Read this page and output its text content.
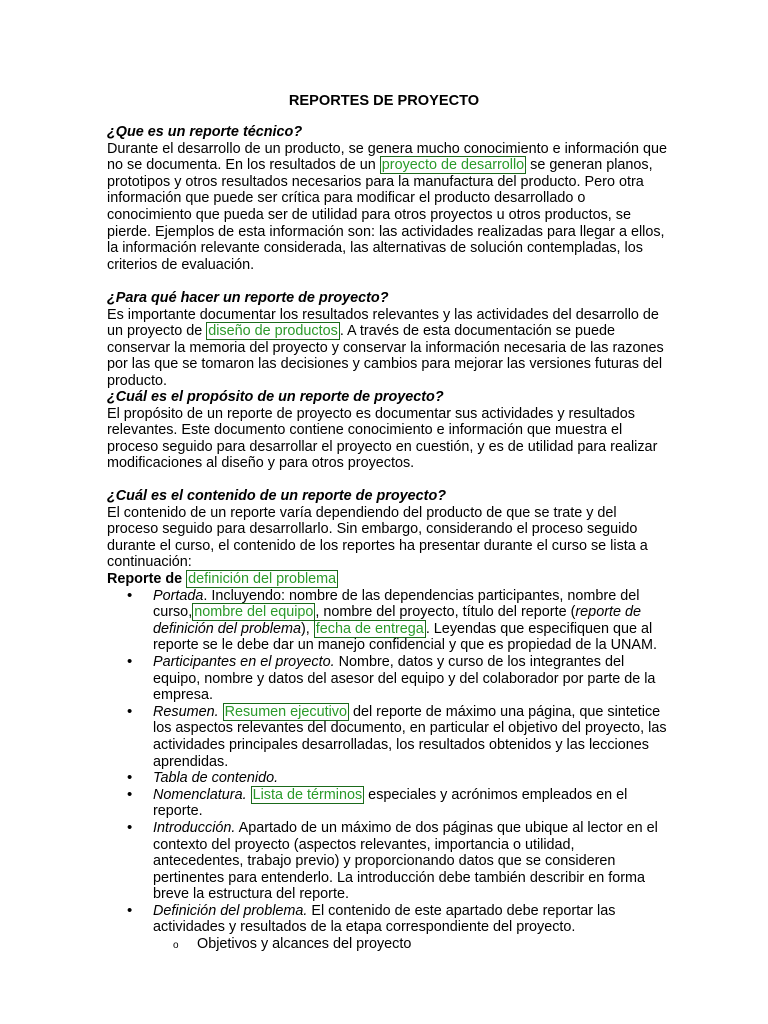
REPORTES DE PROYECTO
¿Que es un reporte técnico?

Durante el desarrollo de un producto, se genera mucho conocimiento e información que no se documenta. En los resultados de un proyecto de desarrollo se generan planos, prototipos y otros resultados necesarios para la manufactura del producto. Pero otra información que puede ser crítica para modificar el producto desarrollado o conocimiento que pueda ser de utilidad para otros proyectos u otros productos, se pierde. Ejemplos de esta información son: las actividades realizadas para llegar a ellos, la información relevante considerada, las alternativas de solución contempladas, los criterios de evaluación.

¿Para qué hacer un reporte de proyecto?

Es importante documentar los resultados relevantes y las actividades del desarrollo de un proyecto de diseño de productos . A través de esta documentación se puede conservar la memoria del proyecto y conservar la información necesaria de las razones por las que se tomaron las decisiones y cambios para mejorar las versiones futuras del producto.

¿Cuál es el propósito de un reporte de proyecto?

El propósito de un reporte de proyecto es documentar sus actividades y resultados relevantes. Este documento contiene conocimiento e información que muestra el proceso seguido para desarrollar el proyecto en cuestión, y es de utilidad para realizar modificaciones al diseño y para otros proyectos.

¿Cuál es el contenido de un reporte de proyecto?

El contenido de un reporte varía dependiendo del producto de que se trate y del proceso seguido para desarrollarlo. Sin embargo, considerando el proceso seguido durante el curso, el contenido de los reportes ha presentar durante el curso se lista a continuación:

Reporte de definición del problema

• Portada. Incluyendo: nombre de las dependencias participantes, nombre del curso, nombre del equipo , nombre del proyecto, título del reporte (reporte de definición del problema), fecha de entrega . Leyendas que especifiquen que al reporte se le debe dar un manejo confidencial y que es propiedad de la UNAM.
• Participantes en el proyecto. Nombre, datos y curso de los integrantes del equipo, nombre y datos del asesor del equipo y del colaborador por parte de la empresa.
• Resumen. Resumen ejecutivo del reporte de máximo una página, que sintetice los aspectos relevantes del documento, en particular el objetivo del proyecto, las actividades principales desarrolladas, los resultados obtenidos y las lecciones aprendidas.
• Tabla de contenido.
• Nomenclatura. Lista de términos especiales y acrónimos empleados en el reporte.
• Introducción. Apartado de un máximo de dos páginas que ubique al lector en el contexto del proyecto (aspectos relevantes, importancia o utilidad, antecedentes, trabajo previo) y proporcionando datos que se consideren pertinentes para entenderlo. La introducción debe también describir en forma breve la estructura del reporte.
• Definición del problema. El contenido de este apartado debe reportar las actividades y resultados de la etapa correspondiente del proyecto.
o Objetivos y alcances del proyecto
